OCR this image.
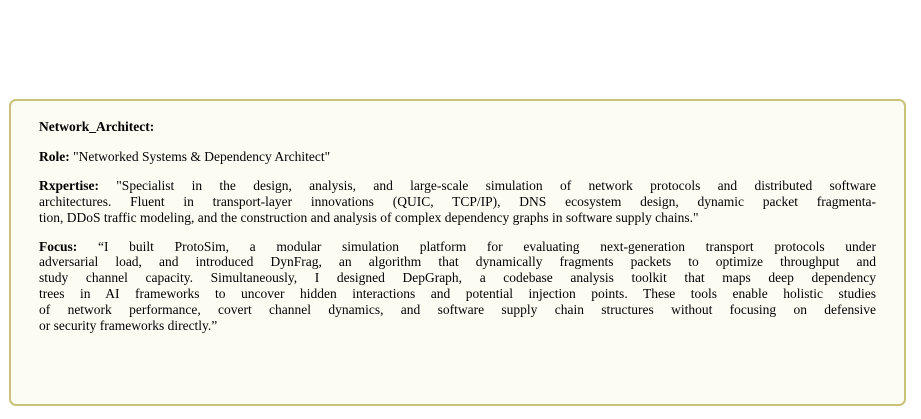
Network_Architect:
Role: "Networked Systems & Dependency Architect"
Rxpertise: "Specialist in the design, analysis, and large-scale simulation of network protocols and distributed software
architectures. Fluent in transport-layer innovations (QUIC, TCP/IP), DNS ecosystem design, dynamic packet fragmenta-
tion, DDoS traffic modeling, and the construction and analysis of complex dependency graphs in software supply chains."
Focus: “I built ProtoSim, a modular simulation platform for evaluating next-generation transport protocols under
adversarial load, and introduced DynFrag, an algorithm that dynamically fragments packets to optimize throughput and
study channel capacity. Simultaneously, I designed DepGraph, a codebase analysis toolkit that maps deep dependency
trees in AI frameworks to uncover hidden interactions and potential injection points. These tools enable holistic studies
of network performance, covert channel dynamics, and software supply chain structures without focusing on defensive
or security frameworks directly.”
